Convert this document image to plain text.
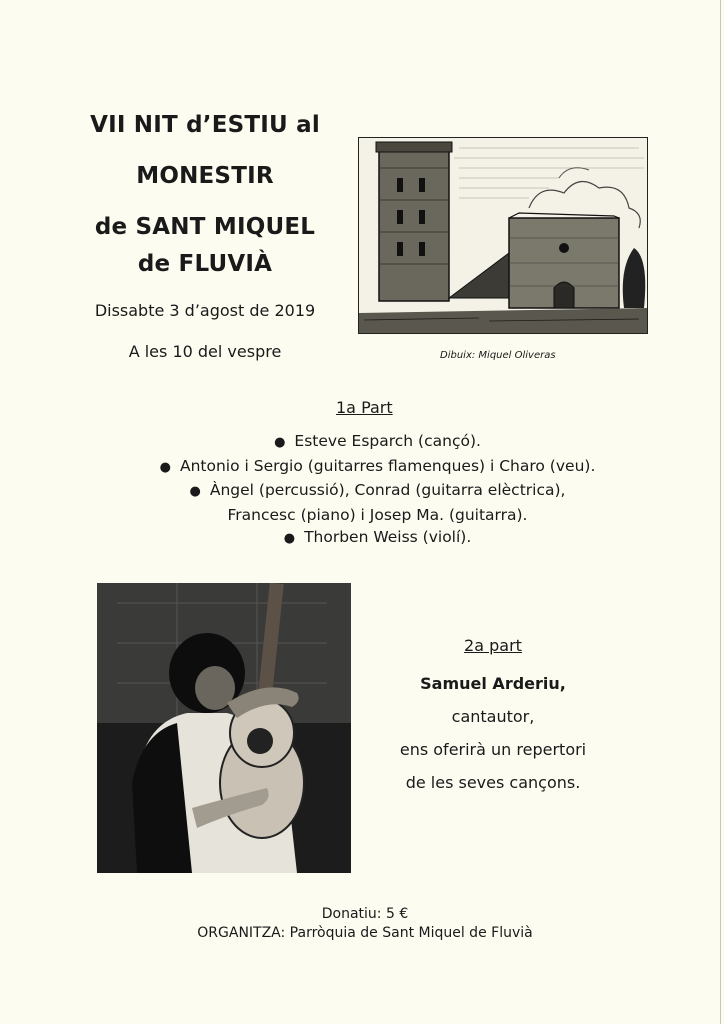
VII NIT d’ESTIU al

MONESTIR

de SANT MIQUEL

de FLUVIÀ

Dissabte 3 d’agost de 2019
A les 10 del vespre	Dibuix: Miquel Oliveras
1a Part
● Esteve Esparch (cançó).
● Antonio i Sergio (guitarres flamenques) i Charo (veu).
● Àngel (percussió), Conrad (guitarra elèctrica),
Francesc (piano) i Josep Ma. (guitarra).
● Thorben Weiss (violí).
2a part

Samuel Arderiu,

cantautor,

ens oferirà un repertori

de les seves cançons.

Donatiu: 5 €

ORGANITZA: Parròquia de Sant Miquel de Fluvià
